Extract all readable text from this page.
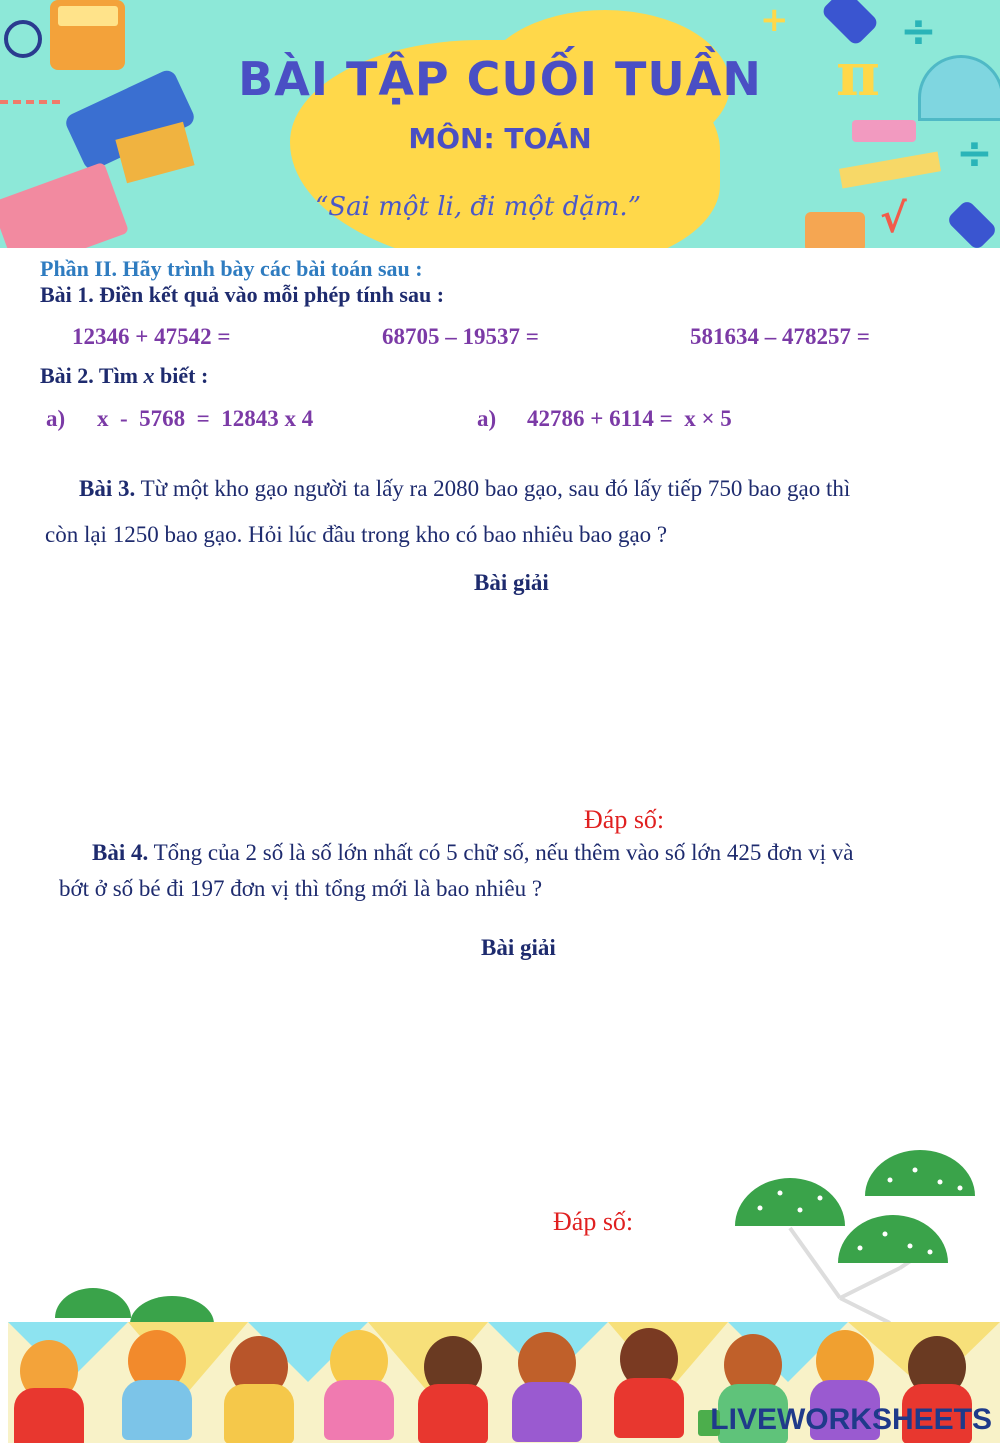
+	÷
π
÷
√
BÀI TẬP CUỐI TUẦN
MÔN: TOÁN
“Sai một li, đi một dặm.”
Phần II. Hãy trình bày các bài toán sau :
Bài 1. Điền kết quả vào mỗi phép tính sau :
12346 + 47542 =	68705 – 19537 =	581634 – 478257 =
Bài 2. Tìm x biết :
a) x  -  5768  =  12843 x 4	a) 42786 + 6114 =  x × 5
Bài 3. Từ một kho gạo người ta lấy ra 2080 bao gạo, sau đó lấy tiếp 750 bao gạo thì
còn lại 1250 bao gạo. Hỏi lúc đầu trong kho có bao nhiêu bao gạo ?
Bài giải
Đáp số:
Bài 4. Tổng của 2 số là số lớn nhất có 5 chữ số, nếu thêm vào số lớn 425 đơn vị và
bớt ở số bé đi 197 đơn vị thì tổng mới là bao nhiêu ?
Bài giải
Đáp số:
LIVEWORKSHEETS
